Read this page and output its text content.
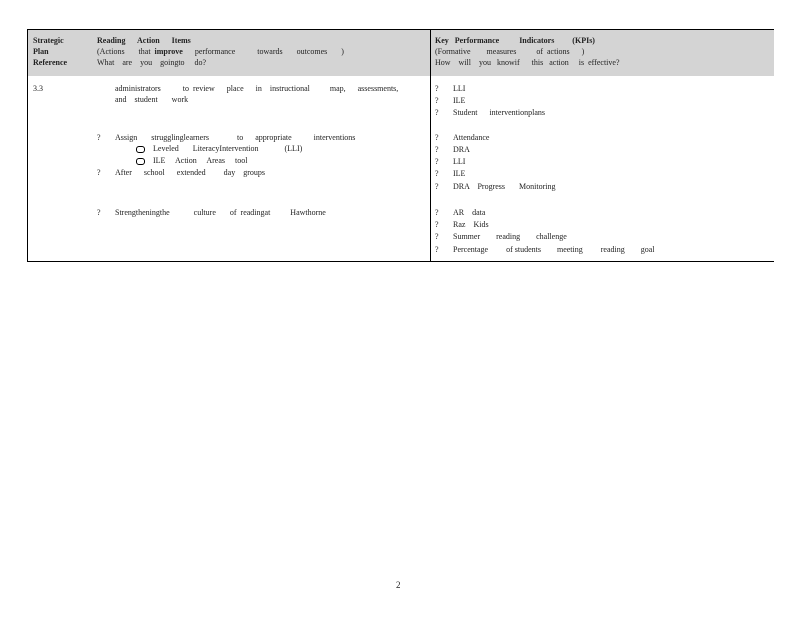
Strategic
Plan
Reference
Reading      Action      Items
(Actions       that  improve      performance           towards       outcomes       )
What    are    you    goingto     do?
Key   Performance          Indicators         (KPIs)
(Formative        measures          of  actions      )
How    will    you   knowif      this   action     is  effective?
3.3	administrators           to  review      place      in    instructional          map,      assessments,
and    student       work
? LLI
? ILE
? Student      interventionplans
? Assign       strugglinglearners              to      appropriate           interventions
Leveled       LiteracyIntervention             (LLI)
ILE     Action     Areas     tool
? After      school      extended         day    groups
? Attendance
? DRA
? LLI
? ILE
? DRA    Progress       Monitoring
? Strengtheningthe            culture       of  readingat          Hawthorne	? AR    data
? Raz    Kids
? Summer        reading        challenge
? Percentage         of students        meeting         reading        goal
2
